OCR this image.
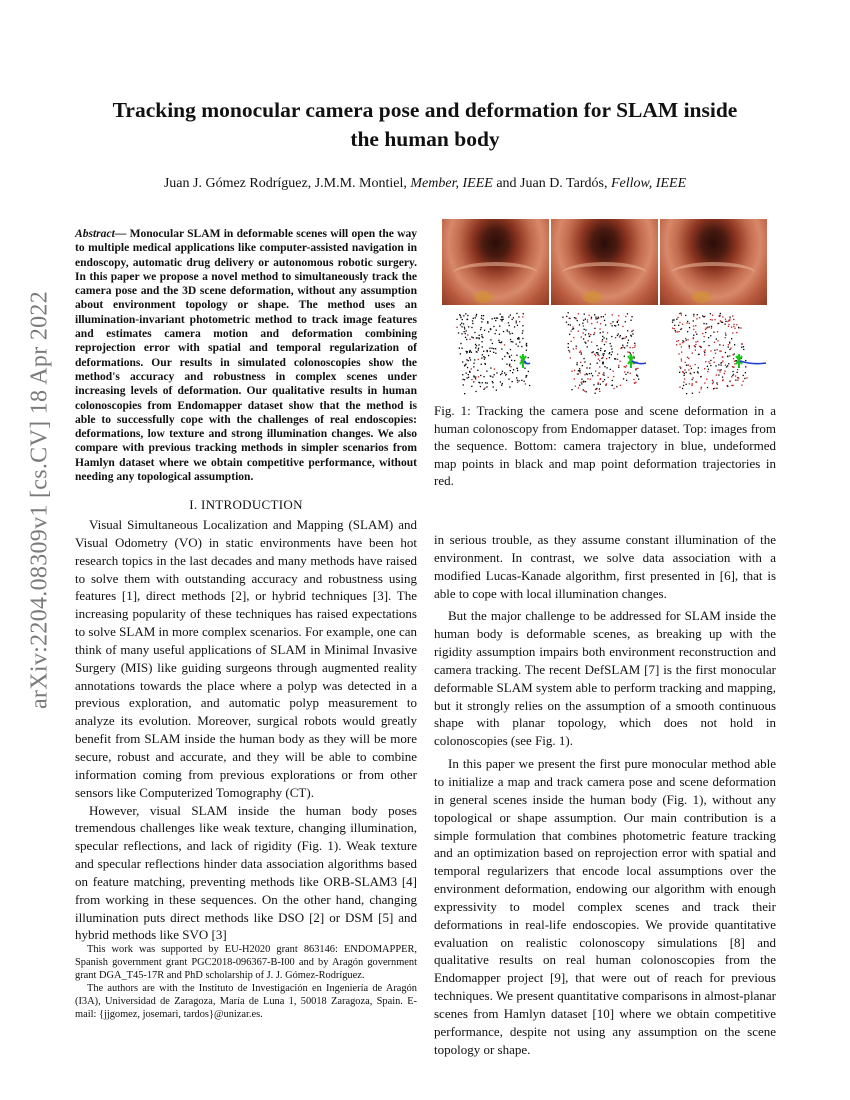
arXiv:2204.08309v1 [cs.CV] 18 Apr 2022
Tracking monocular camera pose and deformation for SLAM inside the human body
Juan J. Gómez Rodríguez, J.M.M. Montiel, Member, IEEE and Juan D. Tardós, Fellow, IEEE
Abstract— Monocular SLAM in deformable scenes will open the way to multiple medical applications like computer-assisted navigation in endoscopy, automatic drug delivery or autonomous robotic surgery. In this paper we propose a novel method to simultaneously track the camera pose and the 3D scene deformation, without any assumption about environment topology or shape. The method uses an illumination-invariant photometric method to track image features and estimates camera motion and deformation combining reprojection error with spatial and temporal regularization of deformations. Our results in simulated colonoscopies show the method's accuracy and robustness in complex scenes under increasing levels of deformation. Our qualitative results in human colonoscopies from Endomapper dataset show that the method is able to successfully cope with the challenges of real endoscopies: deformations, low texture and strong illumination changes. We also compare with previous tracking methods in simpler scenarios from Hamlyn dataset where we obtain competitive performance, without needing any topological assumption.
I. INTRODUCTION

Visual Simultaneous Localization and Mapping (SLAM) and Visual Odometry (VO) in static environments have been hot research topics in the last decades and many methods have raised to solve them with outstanding accuracy and robustness using features [1], direct methods [2], or hybrid techniques [3]. The increasing popularity of these techniques has raised expectations to solve SLAM in more complex scenarios. For example, one can think of many useful applications of SLAM in Minimal Invasive Surgery (MIS) like guiding surgeons through augmented reality annotations towards the place where a polyp was detected in a previous exploration, and automatic polyp measurement to analyze its evolution. Moreover, surgical robots would greatly benefit from SLAM inside the human body as they will be more secure, robust and accurate, and they will be able to combine information coming from previous explorations or from other sensors like Computerized Tomography (CT).

However, visual SLAM inside the human body poses tremendous challenges like weak texture, changing illumination, specular reflections, and lack of rigidity (Fig. 1). Weak texture and specular reflections hinder data association algorithms based on feature matching, preventing methods like ORB-SLAM3 [4] from working in these sequences. On the other hand, changing illumination puts direct methods like DSO [2] or DSM [5] and hybrid methods like SVO [3]

This work was supported by EU-H2020 grant 863146: ENDOMAPPER, Spanish government grant PGC2018-096367-B-I00 and by Aragón government grant DGA_T45-17R and PhD scholarship of J. J. Gómez-Rodríguez.

The authors are with the Instituto de Investigación en Ingeniería de Aragón (I3A), Universidad de Zaragoza, María de Luna 1, 50018 Zaragoza, Spain. E-mail: {jjgomez, josemari, tardos}@unizar.es.

Fig. 1: Tracking the camera pose and scene deformation in a human colonoscopy from Endomapper dataset. Top: images from the sequence. Bottom: camera trajectory in blue, undeformed map points in black and map point deformation trajectories in red.

in serious trouble, as they assume constant illumination of the environment. In contrast, we solve data association with a modified Lucas-Kanade algorithm, first presented in [6], that is able to cope with local illumination changes.

But the major challenge to be addressed for SLAM inside the human body is deformable scenes, as breaking up with the rigidity assumption impairs both environment reconstruction and camera tracking. The recent DefSLAM [7] is the first monocular deformable SLAM system able to perform tracking and mapping, but it strongly relies on the assumption of a smooth continuous shape with planar topology, which does not hold in colonoscopies (see Fig. 1).

In this paper we present the first pure monocular method able to initialize a map and track camera pose and scene deformation in general scenes inside the human body (Fig. 1), without any topological or shape assumption. Our main contribution is a simple formulation that combines photometric feature tracking and an optimization based on reprojection error with spatial and temporal regularizers that encode local assumptions over the environment deformation, endowing our algorithm with enough expressivity to model complex scenes and track their deformations in real-life endoscopies. We provide quantitative evaluation on realistic colonoscopy simulations [8] and qualitative results on real human colonoscopies from the Endomapper project [9], that were out of reach for previous techniques. We present quantitative comparisons in almost-planar scenes from Hamlyn dataset [10] where we obtain competitive performance, despite not using any assumption on the scene topology or shape.
